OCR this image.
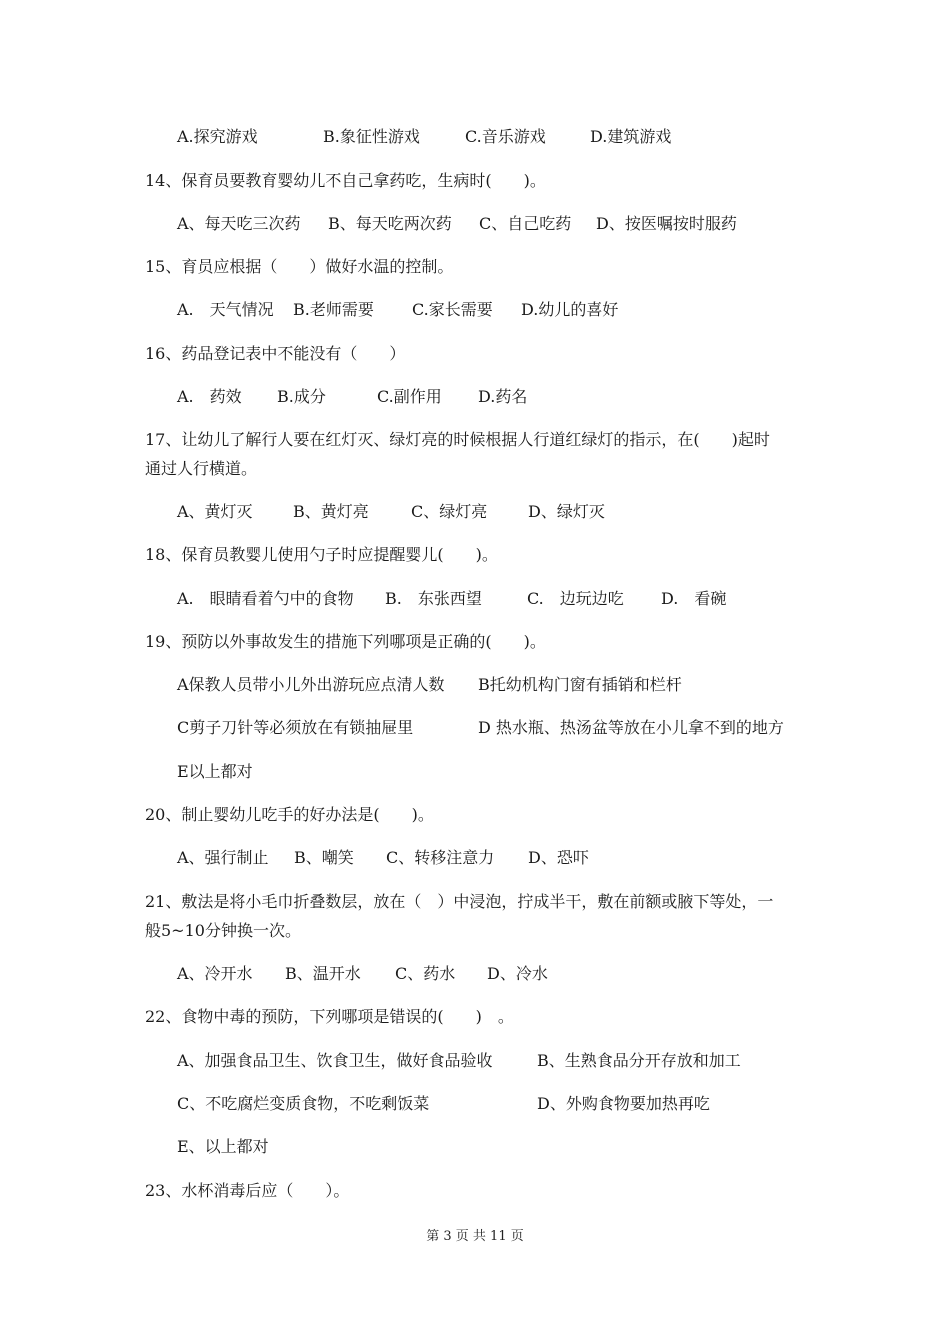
A.探究游戏	B.象征性游戏	C.音乐游戏	D.建筑游戏
14、保育员要教育婴幼儿不自己拿药吃，生病时(　　)。
A、每天吃三次药 B、每天吃两次药 C、自己吃药 D、按医嘱按时服药
15、育员应根据（　　）做好水温的控制。
A.　天气情况 B.老师需要 C.家长需要 D.幼儿的喜好
16、药品登记表中不能没有（　　）
A.　药效 B.成分	C.副作用 D.药名
17、让幼儿了解行人要在红灯灭、绿灯亮的时候根据人行道红绿灯的指示，在(　　)起时
通过人行横道。
A、黄灯灭	B、黄灯亮	C、绿灯亮	D、绿灯灭
18、保育员教婴儿使用勺子时应提醒婴儿(　　)。
A.　眼睛看着勺中的食物 B.　东张西望	C.　边玩边吃 D.　看碗
19、预防以外事故发生的措施下列哪项是正确的(　　)。
A保教人员带小儿外出游玩应点清人数 B托幼机构门窗有插销和栏杆
C剪子刀针等必须放在有锁抽屉里	D 热水瓶、热汤盆等放在小儿拿不到的地方
E以上都对
20、制止婴幼儿吃手的好办法是(　　)。
A、强行制止 B、嘲笑 C、转移注意力 D、恐吓
21、敷法是将小毛巾折叠数层，放在（　）中浸泡，拧成半干，敷在前额或腋下等处，一
般5~10分钟换一次。
A、冷开水 B、温开水 C、药水 D、冷水
22、食物中毒的预防，下列哪项是错误的(　　)　。
A、加强食品卫生、饮食卫生，做好食品验收	B、生熟食品分开存放和加工
C、不吃腐烂变质食物，不吃剩饭菜	D、外购食物要加热再吃
E、以上都对
23、水杯消毒后应（　　）。
第 3 页 共 11 页
